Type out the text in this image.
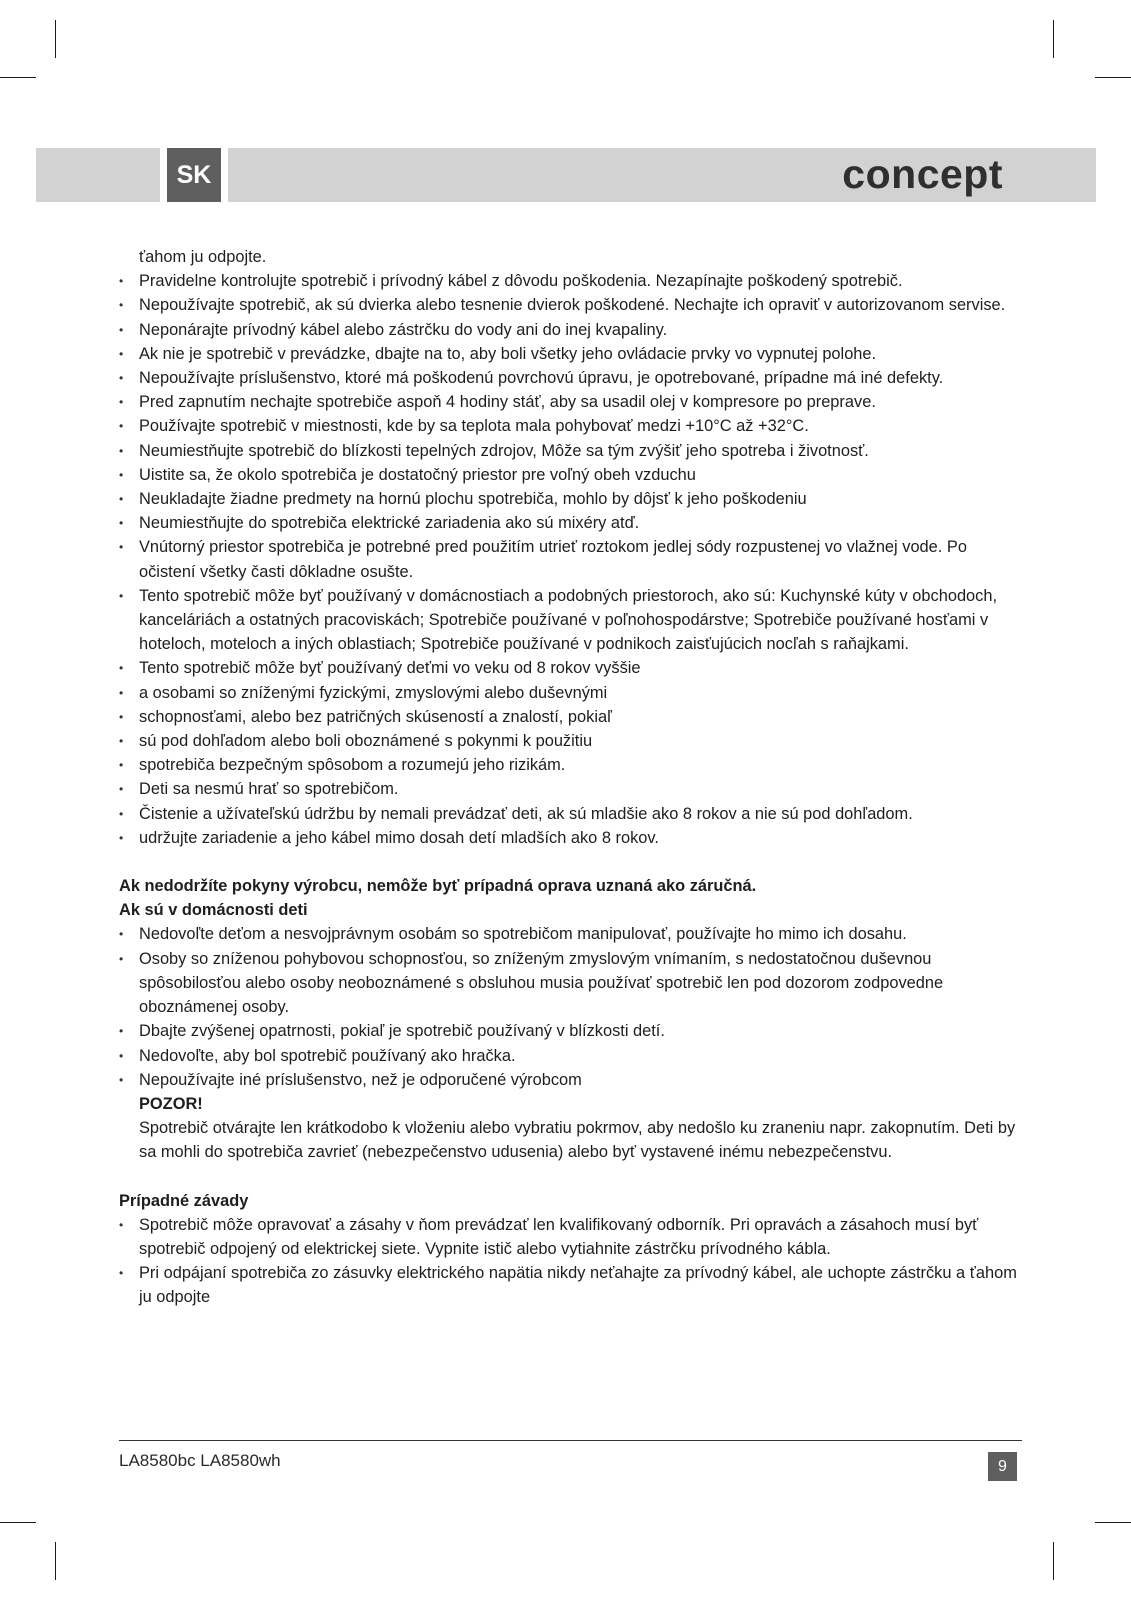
SK	concept

ťahom ju odpojte.

• Pravidelne kontrolujte spotrebič i prívodný kábel z dôvodu poškodenia. Nezapínajte poškodený spotrebič.
• Nepoužívajte spotrebič, ak sú dvierka alebo tesnenie dvierok poškodené. Nechajte ich opraviť v autorizovanom servise.
• Neponárajte prívodný kábel alebo zástrčku do vody ani do inej kvapaliny.
• Ak nie je spotrebič v prevádzke, dbajte na to, aby boli všetky jeho ovládacie prvky vo vypnutej polohe.
• Nepoužívajte príslušenstvo, ktoré má poškodenú povrchovú úpravu, je opotrebované, prípadne má iné defekty.
• Pred zapnutím nechajte spotrebiče aspoň 4 hodiny stáť, aby sa usadil olej v kompresore po preprave.
• Používajte spotrebič v miestnosti, kde by sa teplota mala pohybovať medzi +10°C až +32°C.
• Neumiestňujte spotrebič do blízkosti tepelných zdrojov, Môže sa tým zvýšiť jeho spotreba i životnosť.
• Uistite sa, že okolo spotrebiča je dostatočný priestor pre voľný obeh vzduchu
• Neukladajte žiadne predmety na hornú plochu spotrebiča, mohlo by dôjsť k jeho poškodeniu
• Neumiestňujte do spotrebiča elektrické zariadenia ako sú mixéry atď.
• Vnútorný priestor spotrebiča je potrebné pred použitím utrieť roztokom jedlej sódy rozpustenej vo vlažnej vode. Po očistení všetky časti dôkladne osušte.
• Tento spotrebič môže byť používaný v domácnostiach a podobných priestoroch, ako sú: Kuchynské kúty v obchodoch, kanceláriách a ostatných pracoviskách; Spotrebiče používané v poľnohospodárstve; Spotrebiče používané hosťami v hoteloch, moteloch a iných oblastiach; Spotrebiče používané v podnikoch zaisťujúcich nocľah s raňajkami.
• Tento spotrebič môže byť používaný deťmi vo veku od 8 rokov vyššie
• a osobami so zníženými fyzickými, zmyslovými alebo duševnými
• schopnosťami, alebo bez patričných skúseností a znalostí, pokiaľ
• sú pod dohľadom alebo boli oboznámené s pokynmi k použitiu
• spotrebiča bezpečným spôsobom a rozumejú jeho rizikám.
• Deti sa nesmú hrať so spotrebičom.
• Čistenie a užívateľskú údržbu by nemali prevádzať deti, ak sú mladšie ako 8 rokov a nie sú pod dohľadom.
• udržujte zariadenie a jeho kábel mimo dosah detí mladších ako 8 rokov.

Ak nedodržíte pokyny výrobcu, nemôže byť prípadná oprava uznaná ako záručná.

Ak sú v domácnosti deti

• Nedovoľte deťom a nesvojprávnym osobám so spotrebičom manipulovať, používajte ho mimo ich dosahu.
• Osoby so zníženou pohybovou schopnosťou, so zníženým zmyslovým vnímaním, s nedostatočnou duševnou spôsobilosťou alebo osoby neoboznámené s obsluhou musia používať spotrebič len pod dozorom zodpovedne oboznámenej osoby.
• Dbajte zvýšenej opatrnosti, pokiaľ je spotrebič používaný v blízkosti detí.
• Nedovoľte, aby bol spotrebič používaný ako hračka.
• Nepoužívajte iné príslušenstvo, než je odporučené výrobcom

POZOR!

Spotrebič otvárajte len krátkodobo k vloženiu alebo vybratiu pokrmov, aby nedošlo ku zraneniu napr. zakopnutím. Deti by sa mohli do spotrebiča zavrieť (nebezpečenstvo udusenia) alebo byť vystavené inému nebezpečenstvu.

Prípadné závady

• Spotrebič môže opravovať a zásahy v ňom prevádzať len kvalifikovaný odborník. Pri opravách a zásahoch musí byť spotrebič odpojený od elektrickej siete. Vypnite istič alebo vytiahnite zástrčku prívodného kábla.
• Pri odpájaní spotrebiča zo zásuvky elektrického napätia nikdy neťahajte za prívodný kábel, ale uchopte zástrčku a ťahom ju odpojte
LA8580bc LA8580wh	9
